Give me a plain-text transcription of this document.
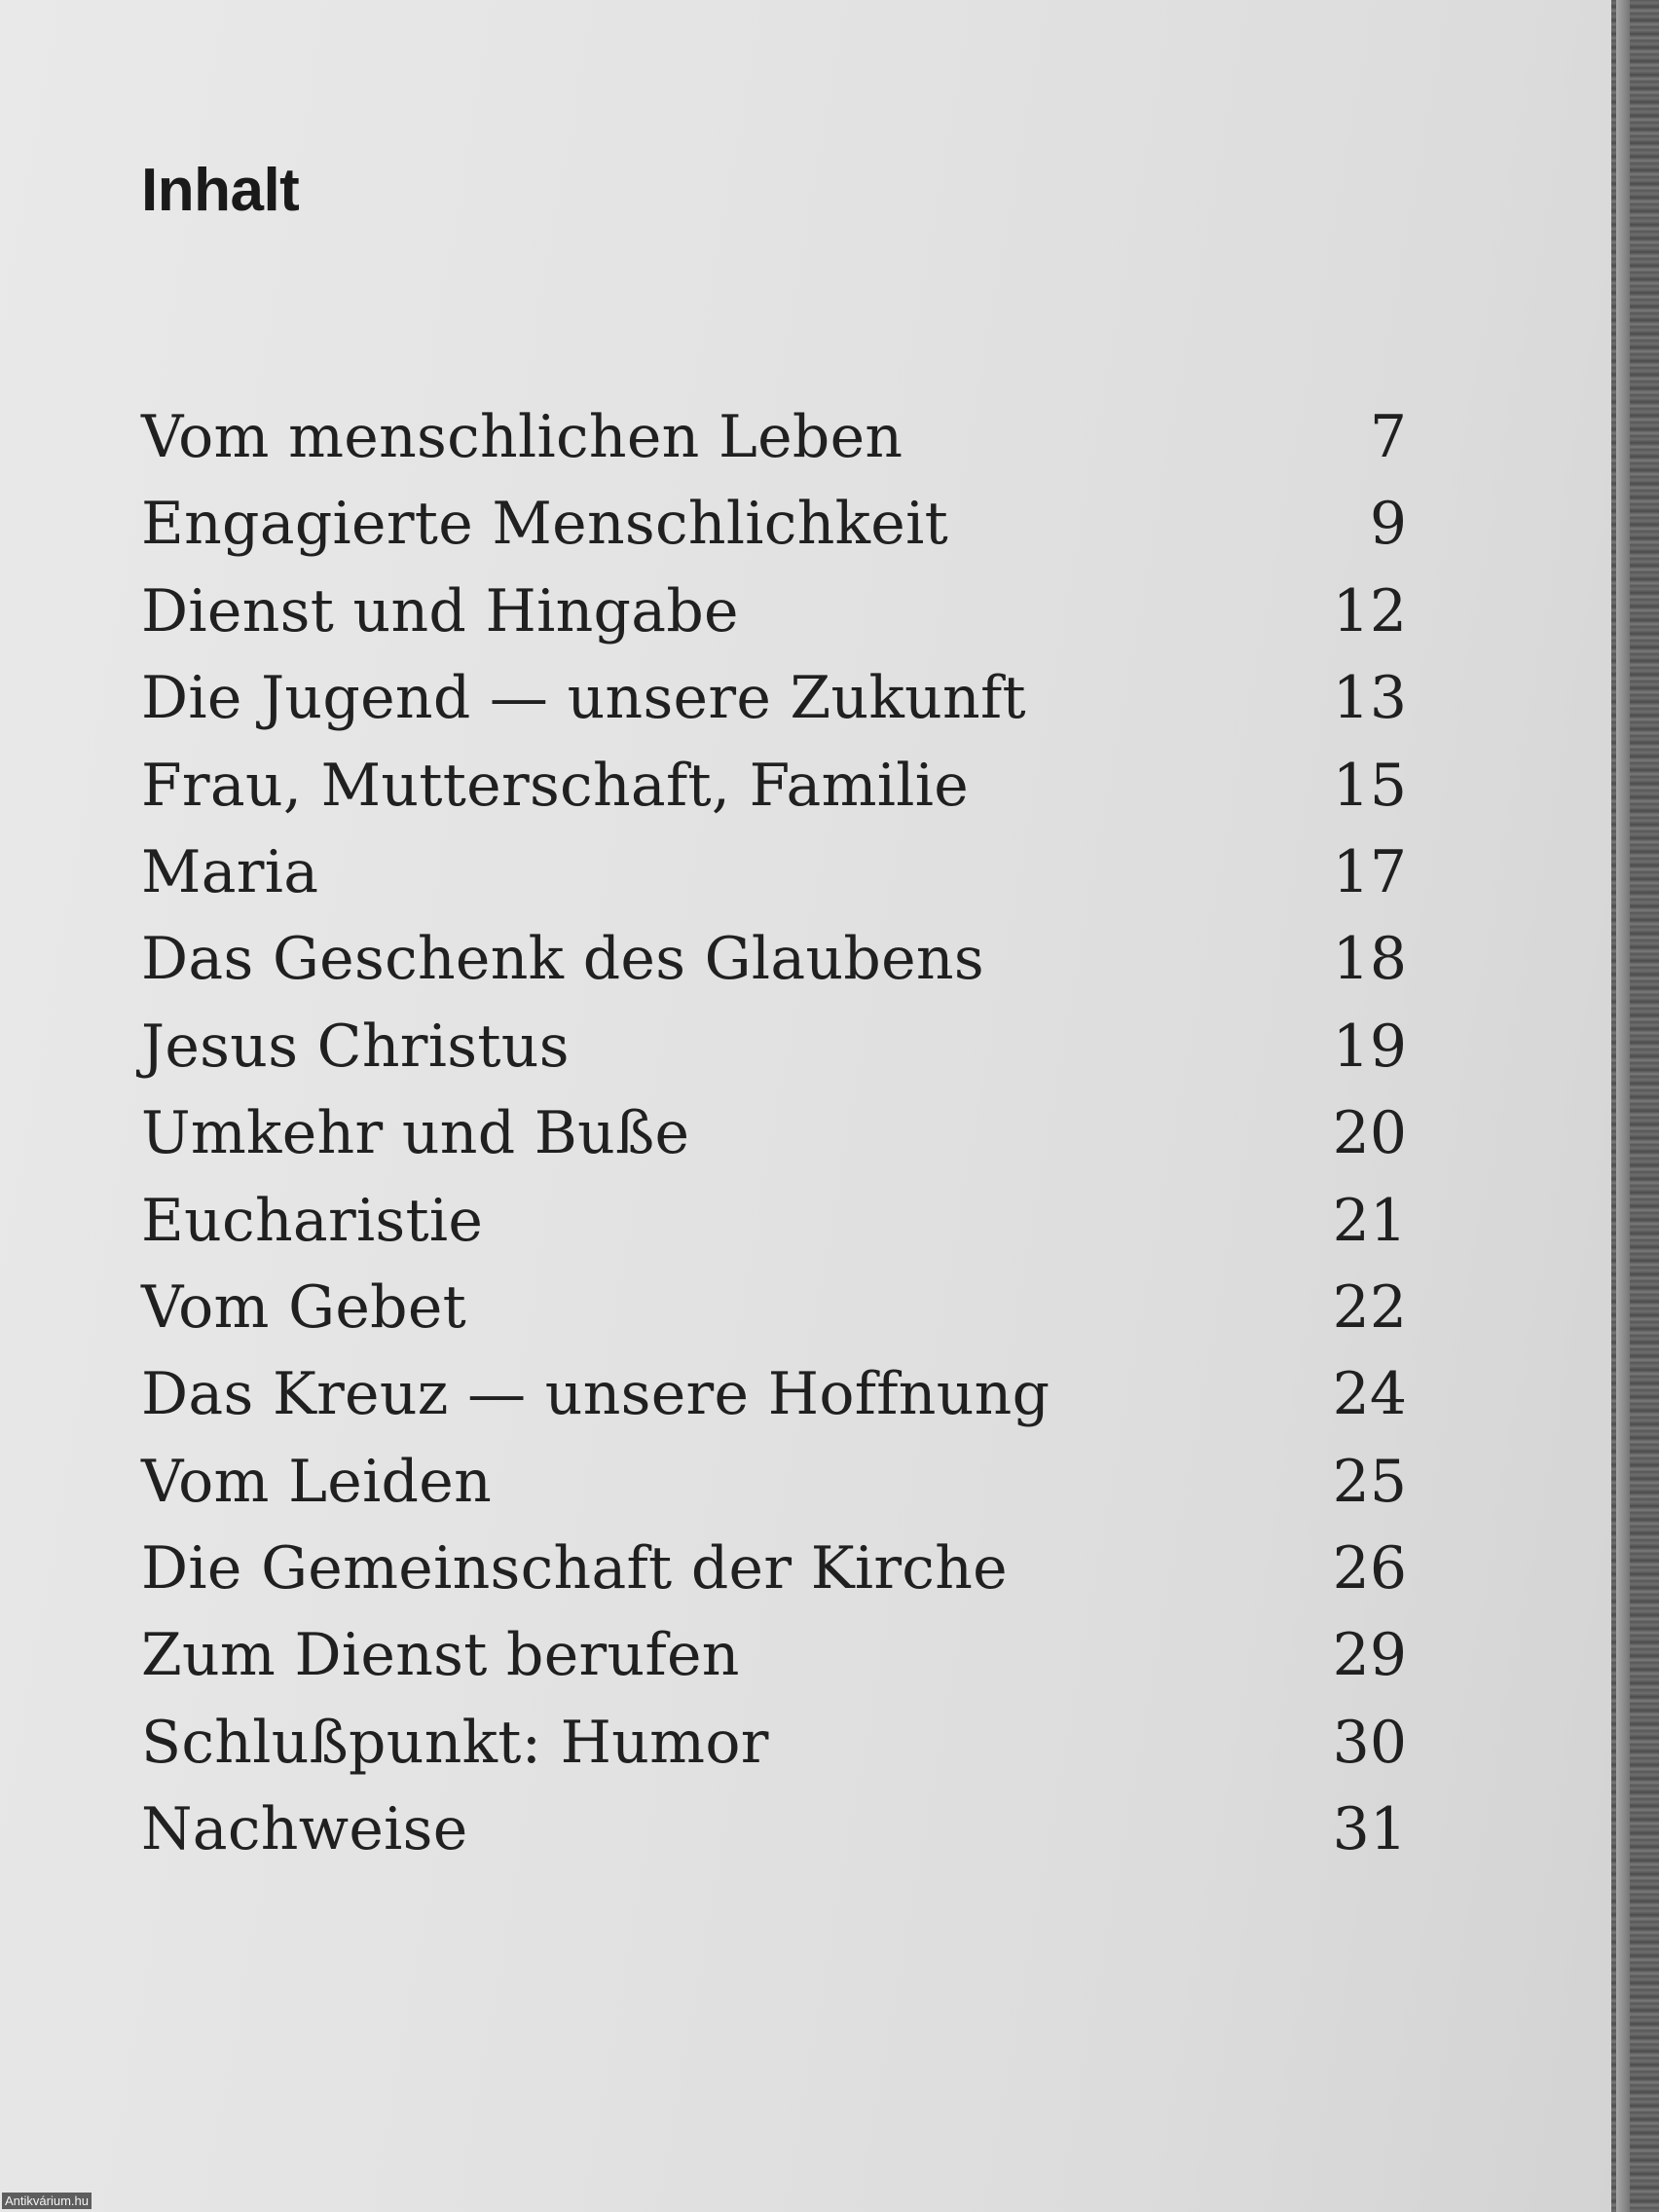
Inhalt
Vom menschlichen Leben	7
Engagierte Menschlichkeit	9
Dienst und Hingabe	12
Die Jugend — unsere Zukunft	13
Frau, Mutterschaft, Familie	15
Maria	17
Das Geschenk des Glaubens	18
Jesus Christus	19
Umkehr und Buße	20
Eucharistie	21
Vom Gebet	22
Das Kreuz — unsere Hoffnung	24
Vom Leiden	25
Die Gemeinschaft der Kirche	26
Zum Dienst berufen	29
Schlußpunkt: Humor	30
Nachweise	31
Antikvárium.hu
